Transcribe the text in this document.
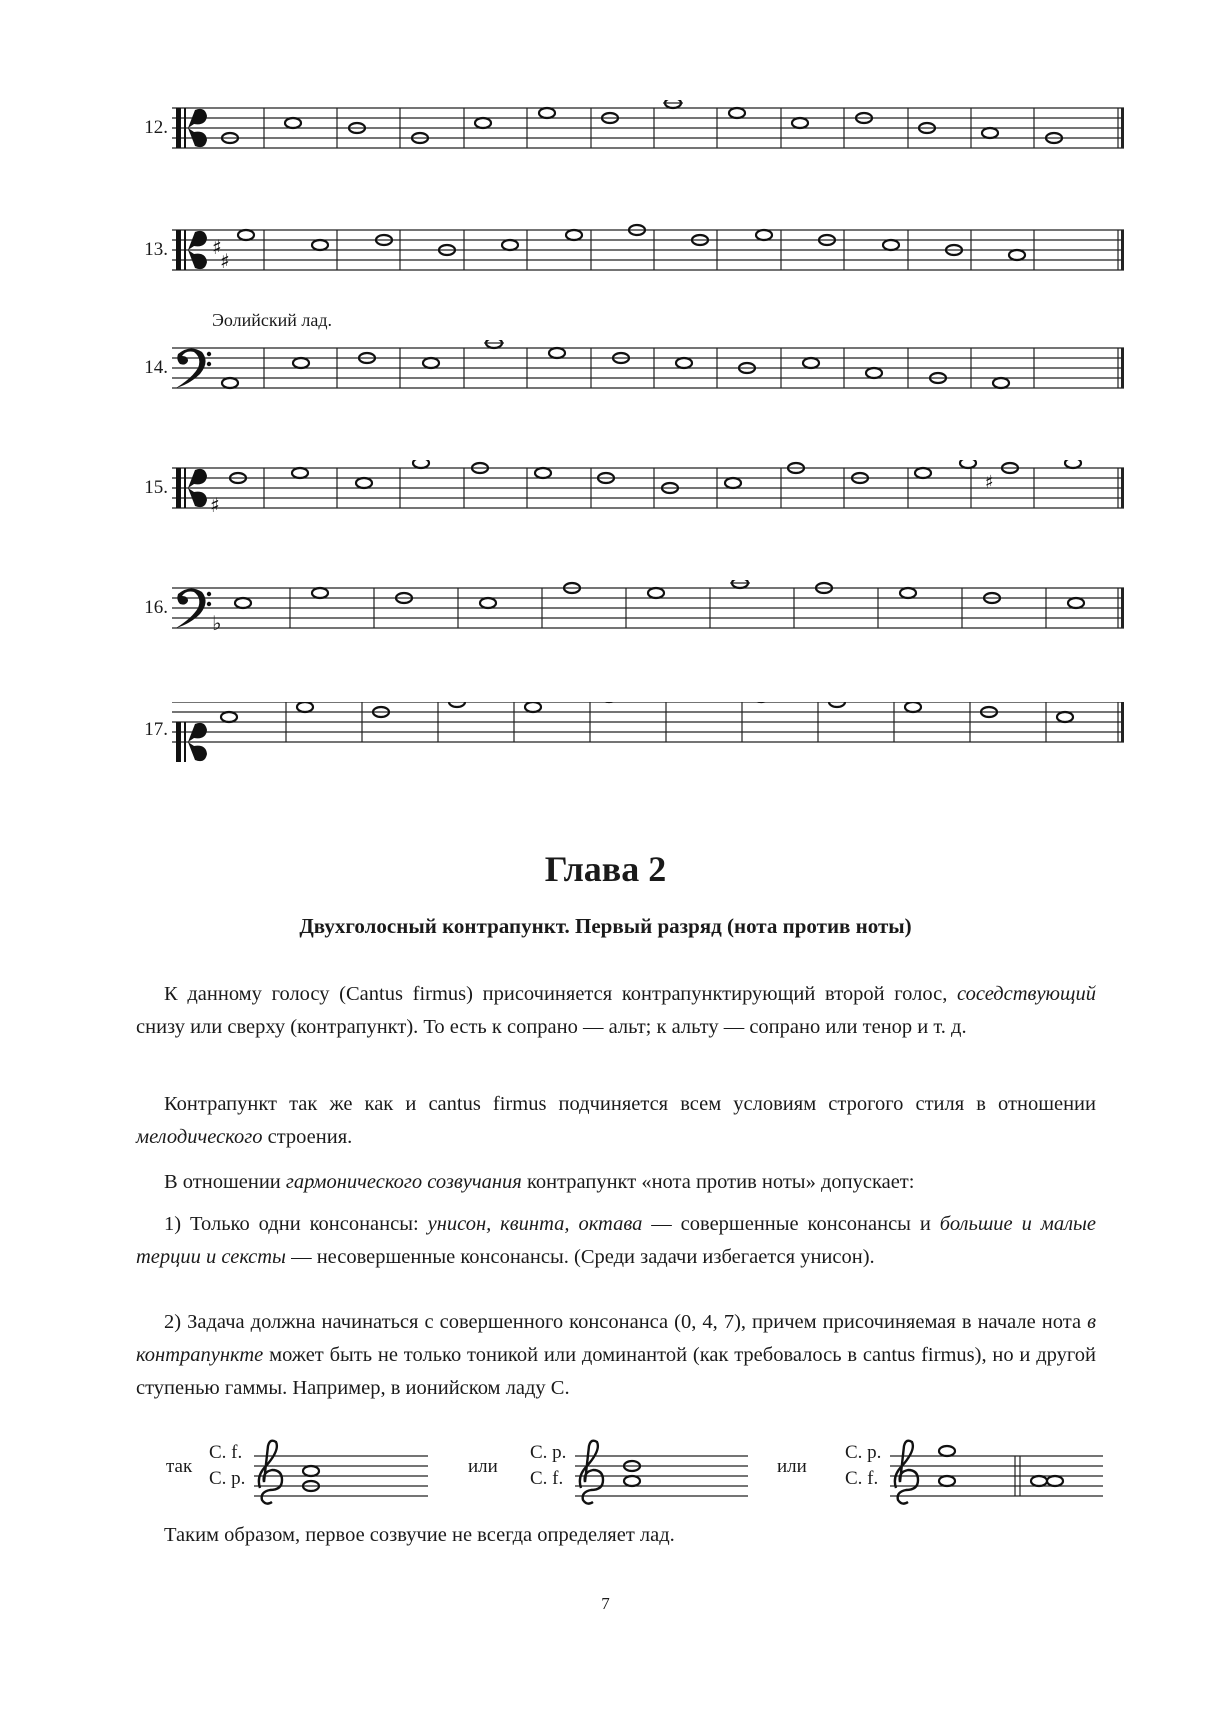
12.
13. ♯
♯
Эолийский лад.
14.
15.
♯
♯
16.
♭
17.
Глава 2
Двухголосный контрапункт. Первый разряд (нота против ноты)
К данному голосу (Cantus firmus) присочиняется контрапунктирующий второй голос, соседствующий снизу или сверху (контрапункт). То есть к сопрано — альт; к альту — сопрано или тенор и т. д.
Контрапункт так же как и cantus firmus подчиняется всем условиям строгого стиля в отношении мелодического строения.
В отношении гармонического созвучания контрапункт «нота против ноты» допускает:
1) Только одни консонансы: унисон, квинта, октава — совершенные консонансы и большие и малые терции и сексты — несовершенные консонансы. (Среди задачи избегается унисон).
2) Задача должна начинаться с совершенного консонанса (0, 4, 7), причем присочиняемая в начале нота в контрапункте может быть не только тоникой или доминантой (как требовалось в cantus firmus), но и другой ступенью гаммы. Например, в ионийском ладу С.
так
C. f.
C. p.
или
C. p.
C. f.
или
C. p.
C. f.
Таким образом, первое созвучие не всегда определяет лад.
7
